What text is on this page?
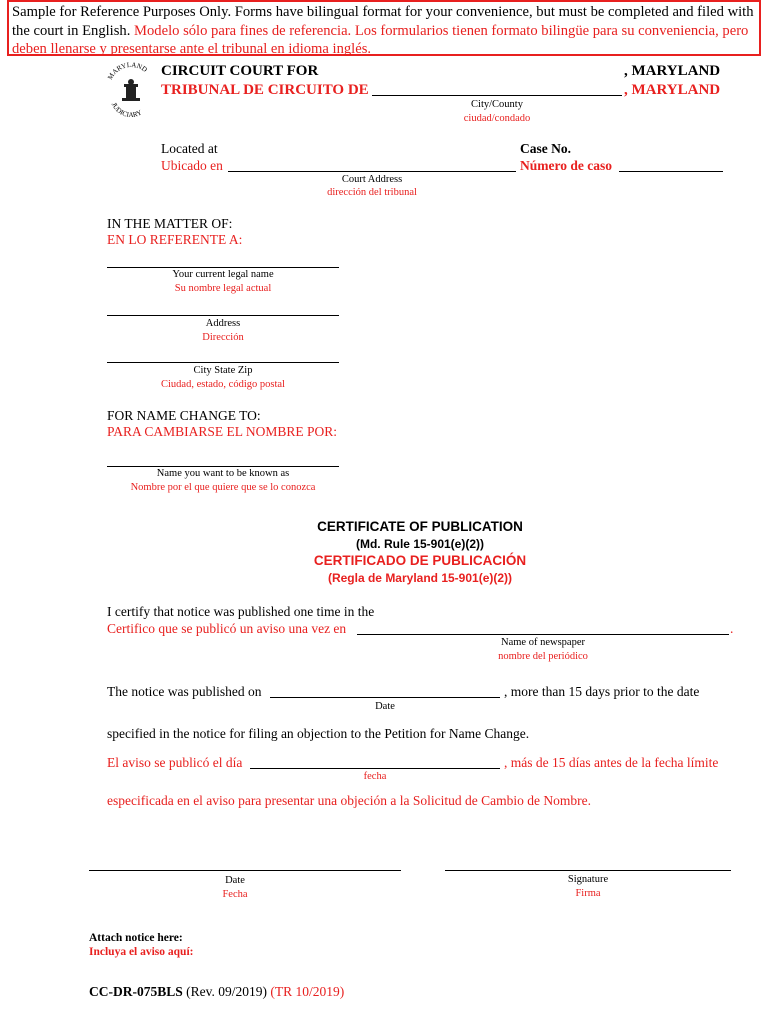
Sample for Reference Purposes Only. Forms have bilingual format for your convenience, but must be completed and filed with the court in English. Modelo sólo para fines de referencia. Los formularios tienen formato bilingüe para su conveniencia, pero deben llenarse y presentarse ante el tribunal en idioma inglés.
MARYLAND
JUDICIARY
CIRCUIT COURT FOR
TRIBUNAL DE CIRCUITO DE
, MARYLAND
, MARYLAND
City/County
ciudad/condado
Located at
Ubicado en
Court Address
dirección del tribunal
Case No.
Número de caso
IN THE MATTER OF:
EN LO REFERENTE A:
Your current legal name
Su nombre legal actual
Address
Dirección
City State Zip
Ciudad, estado, código postal
FOR NAME CHANGE TO:
PARA CAMBIARSE EL NOMBRE POR:
Name you want to be known as
Nombre por el que quiere que se lo conozca
CERTIFICATE OF PUBLICATION
(Md. Rule 15-901(e)(2))
CERTIFICADO DE PUBLICACIÓN
(Regla de Maryland 15-901(e)(2))
I certify that notice was published one time in the
Certifico que se publicó un aviso una vez en	.
Name of newspaper
nombre del periódico
The notice was published on	, more than 15 days prior to the date
Date
specified in the notice for filing an objection to the Petition for Name Change.
El aviso se publicó el día	, más de 15 días antes de la fecha límite
fecha
especificada en el aviso para presentar una objeción a la Solicitud de Cambio de Nombre.
Date
Fecha
Signature
Firma
Attach notice here:
Incluya el aviso aquí:
CC-DR-075BLS (Rev. 09/2019) (TR 10/2019)
